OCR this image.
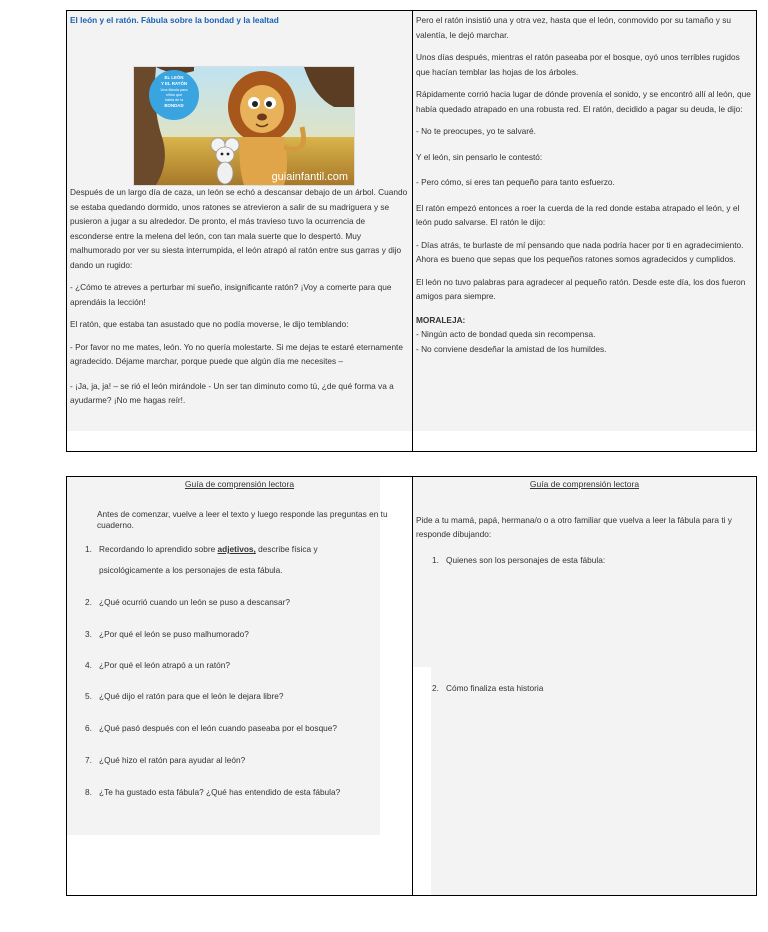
El león y el ratón. Fábula sobre la bondad y la lealtad

EL LEÓN
Y EL RATÓN
Una fábula para
niños que
habla de la
BONDAD
guiainfantil.com

Después de un largo día de caza, un león se echó a descansar debajo de un árbol. Cuando se estaba quedando dormido, unos ratones se atrevieron a salir de su madriguera y se pusieron a jugar a su alrededor. De pronto, el más travieso tuvo la ocurrencia de esconderse entre la melena del león, con tan mala suerte que lo despertó. Muy malhumorado por ver su siesta interrumpida, el león atrapó al ratón entre sus garras y dijo dando un rugido:

- ¿Cómo te atreves a perturbar mi sueño, insignificante ratón? ¡Voy a comerte para que aprendáis la lección!

El ratón, que estaba tan asustado que no podía moverse, le dijo temblando:

- Por favor no me mates, león. Yo no quería molestarte. Si me dejas te estaré eternamente agradecido. Déjame marchar, porque puede que algún día me necesites –

- ¡Ja, ja, ja! – se rió el león mirándole - Un ser tan diminuto como tú, ¿de qué forma va a ayudarme? ¡No me hagas reír!.

Pero el ratón insistió una y otra vez, hasta que el león, conmovido por su tamaño y su valentía, le dejó marchar.

Unos días después, mientras el ratón paseaba por el bosque, oyó unos terribles rugidos que hacían temblar las hojas de los árboles.

Rápidamente corrió hacia lugar de dónde provenía el sonido, y se encontró allí al león, que había quedado atrapado en una robusta red. El ratón, decidido a pagar su deuda, le dijo:

- No te preocupes, yo te salvaré.

Y el león, sin pensarlo le contestó:

- Pero cómo, si eres tan pequeño para tanto esfuerzo.

El ratón empezó entonces a roer la cuerda de la red donde estaba atrapado el león, y el león pudo salvarse. El ratón le dijo:

- Días atrás, te burlaste de mí pensando que nada podría hacer por ti en agradecimiento. Ahora es bueno que sepas que los pequeños ratones somos agradecidos y cumplidos.

El león no tuvo palabras para agradecer al pequeño ratón. Desde este día, los dos fueron amigos para siempre.

MORALEJA:

- Ningún acto de bondad queda sin recompensa.

- No conviene desdeñar la amistad de los humildes.

Guía de comprensión lectora

Antes de comenzar, vuelve a leer el texto y luego responde las preguntas en tu cuaderno.

1. Recordando lo aprendido sobre adjetivos, describe física y
psicológicamente a los personajes de esta fábula.
2. ¿Qué ocurrió cuando un león se puso a descansar?
3. ¿Por qué el león se puso malhumorado?
4. ¿Por qué el león atrapó a un ratón?
5. ¿Qué dijo el ratón para que el león le dejara libre?
6. ¿Qué pasó después con el león cuando paseaba por el bosque?
7. ¿Qué hizo el ratón para ayudar al león?
8. ¿Te ha gustado esta fábula? ¿Qué has entendido de esta fábula?
Guía de comprensión lectora

Pide a tu mamá, papá, hermana/o o a otro familiar que vuelva a leer la fábula para ti y responde dibujando:

1. Quienes son los personajes de esta fábula:
2. Cómo finaliza esta historia
